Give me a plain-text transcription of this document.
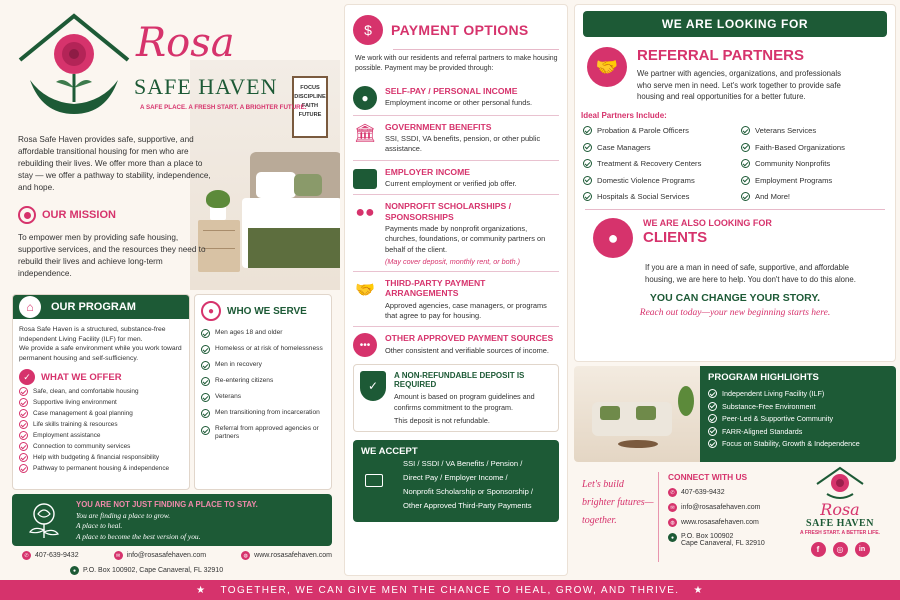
FOCUS
DISCIPLINE
FAITH
FUTURE
Rosa
SAFE HAVEN
A SAFE PLACE. A FRESH START. A BRIGHTER FUTURE.
Rosa Safe Haven provides safe, supportive, and affordable transitional housing for men who are rebuilding their lives. We offer more than a place to stay — we offer a pathway to stability, independence, and hope.
OUR MISSION
To empower men by providing safe housing, supportive services, and the resources they need to rebuild their lives and achieve long-term independence.
⌂	OUR PROGRAM
Rosa Safe Haven is a structured, substance-free Independent Living Facility (ILF) for men.
We provide a safe environment while you work toward permanent housing and self-sufficiency.
✓	WHAT WE OFFER
Safe, clean, and comfortable housing
Supportive living environment
Case management & goal planning
Life skills training & resources
Employment assistance
Connection to community services
Help with budgeting & financial responsibility
Pathway to permanent housing & independence
●	WHO WE SERVE
Men ages 18 and older
Homeless or at risk of homelessness
Men in recovery
Re-entering citizens
Veterans
Men transitioning from incarceration
Referral from approved agencies or partners
YOU ARE NOT JUST FINDING A PLACE TO STAY.
You are finding a place to grow.
A place to heal.
A place to become the best version of you.
✆ 407-639-9432	✉ info@rosasafehaven.com	◍ www.rosasafehaven.com
● P.O. Box 100902, Cape Canaveral, FL 32910
$	PAYMENT OPTIONS
We work with our residents and referral partners to make housing possible. Payment may be provided through:
●	SELF-PAY / PERSONAL INCOME
Employment income or other personal funds.
🏛 GOVERNMENT BENEFITS
SSI, SSDI, VA benefits, pension, or other public assistance.
EMPLOYER INCOME
Current employment or verified job offer.
●● NONPROFIT SCHOLARSHIPS / SPONSORSHIPS
Payments made by nonprofit organizations, churches, foundations, or community partners on behalf of the client.
(May cover deposit, monthly rent, or both.)
🤝 THIRD-PARTY PAYMENT ARRANGEMENTS
Approved agencies, case managers, or programs that agree to pay for housing.
•••
OTHER APPROVED PAYMENT SOURCES
Other consistent and verifiable sources of income.
✓
A NON-REFUNDABLE DEPOSIT IS REQUIRED
Amount is based on program guidelines and confirms commitment to the program.
This deposit is not refundable.
WE ACCEPT
SSI / SSDI / VA Benefits / Pension /
Direct Pay / Employer Income /
Nonprofit Scholarship or Sponsorship /
Other Approved Third-Party Payments
WE ARE LOOKING FOR
🤝
REFERRAL PARTNERS
We partner with agencies, organizations, and professionals who serve men in need. Let's work together to provide safe housing and real opportunities for a better future.
Ideal Partners Include:
Probation & Parole Officers
Case Managers
Treatment & Recovery Centers
Domestic Violence Programs
Hospitals & Social Services
Veterans Services
Faith-Based Organizations
Community Nonprofits
Employment Programs
And More!
●
WE ARE ALSO LOOKING FOR
CLIENTS
If you are a man in need of safe, supportive, and affordable housing, we are here to help. You don't have to do this alone.
YOU CAN CHANGE YOUR STORY.
Reach out today—your new beginning starts here.
PROGRAM HIGHLIGHTS
Independent Living Facility (ILF)
Substance-Free Environment
Peer-Led & Supportive Community
FARR-Aligned Standards
Focus on Stability, Growth & Independence
Let's build
brighter futures—
together.
CONNECT WITH US
✆ 407-639-9432
✉ info@rosasafehaven.com
◍ www.rosasafehaven.com
● P.O. Box 100902
Cape Canaveral, FL 32910
Rosa
SAFE HAVEN
A FRESH START. A BETTER LIFE.
f	◎	in
★ TOGETHER, WE CAN GIVE MEN THE CHANCE TO HEAL, GROW, AND THRIVE. ★
